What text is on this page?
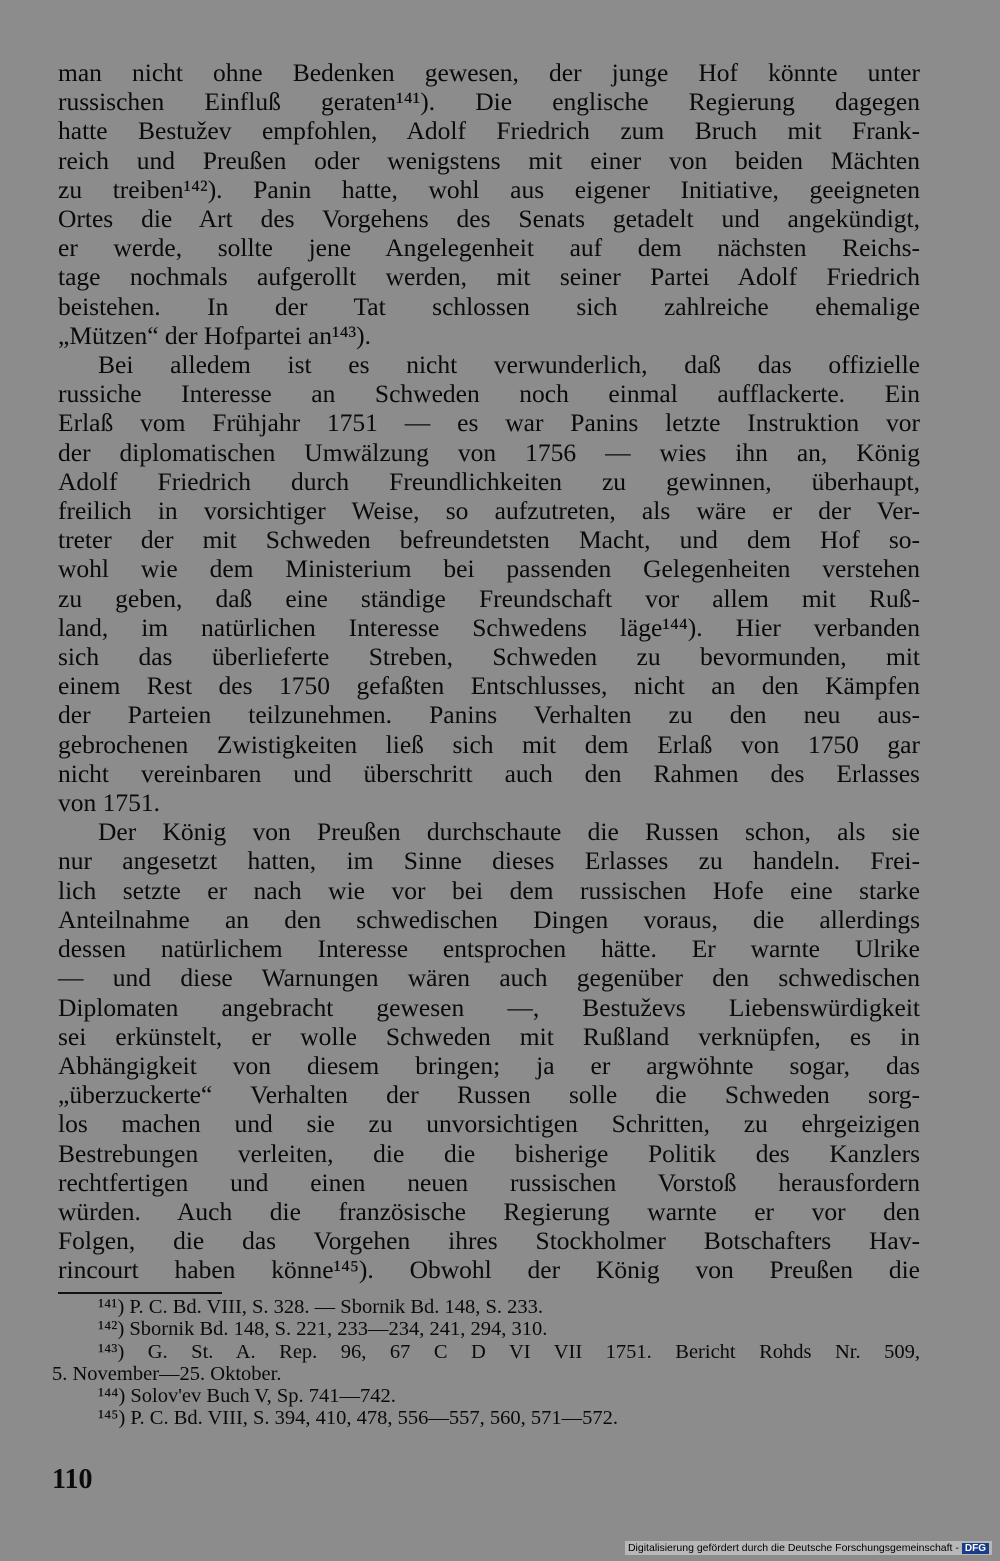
man nicht ohne Bedenken gewesen, der junge Hof könnte unter
russischen Einfluß geraten¹⁴¹). Die englische Regierung dagegen
hatte Bestužev empfohlen, Adolf Friedrich zum Bruch mit Frank-
reich und Preußen oder wenigstens mit einer von beiden Mächten
zu treiben¹⁴²). Panin hatte, wohl aus eigener Initiative, geeigneten
Ortes die Art des Vorgehens des Senats getadelt und angekündigt,
er werde, sollte jene Angelegenheit auf dem nächsten Reichs-
tage nochmals aufgerollt werden, mit seiner Partei Adolf Friedrich
beistehen. In der Tat schlossen sich zahlreiche ehemalige
„Mützen“ der Hofpartei an¹⁴³).
Bei alledem ist es nicht verwunderlich, daß das offizielle
russiche Interesse an Schweden noch einmal aufflackerte. Ein
Erlaß vom Frühjahr 1751 — es war Panins letzte Instruktion vor
der diplomatischen Umwälzung von 1756 — wies ihn an, König
Adolf Friedrich durch Freundlichkeiten zu gewinnen, überhaupt,
freilich in vorsichtiger Weise, so aufzutreten, als wäre er der Ver-
treter der mit Schweden befreundetsten Macht, und dem Hof so-
wohl wie dem Ministerium bei passenden Gelegenheiten verstehen
zu geben, daß eine ständige Freundschaft vor allem mit Ruß-
land, im natürlichen Interesse Schwedens läge¹⁴⁴). Hier verbanden
sich das überlieferte Streben, Schweden zu bevormunden, mit
einem Rest des 1750 gefaßten Entschlusses, nicht an den Kämpfen
der Parteien teilzunehmen. Panins Verhalten zu den neu aus-
gebrochenen Zwistigkeiten ließ sich mit dem Erlaß von 1750 gar
nicht vereinbaren und überschritt auch den Rahmen des Erlasses
von 1751.
Der König von Preußen durchschaute die Russen schon, als sie
nur angesetzt hatten, im Sinne dieses Erlasses zu handeln. Frei-
lich setzte er nach wie vor bei dem russischen Hofe eine starke
Anteilnahme an den schwedischen Dingen voraus, die allerdings
dessen natürlichem Interesse entsprochen hätte. Er warnte Ulrike
— und diese Warnungen wären auch gegenüber den schwedischen
Diplomaten angebracht gewesen —, Bestuževs Liebenswürdigkeit
sei erkünstelt, er wolle Schweden mit Rußland verknüpfen, es in
Abhängigkeit von diesem bringen; ja er argwöhnte sogar, das
„überzuckerte“ Verhalten der Russen solle die Schweden sorg-
los machen und sie zu unvorsichtigen Schritten, zu ehrgeizigen
Bestrebungen verleiten, die die bisherige Politik des Kanzlers
rechtfertigen und einen neuen russischen Vorstoß herausfordern
würden. Auch die französische Regierung warnte er vor den
Folgen, die das Vorgehen ihres Stockholmer Botschafters Hav-
rincourt haben könne¹⁴⁵). Obwohl der König von Preußen die
¹⁴¹) P. C. Bd. VIII, S. 328. — Sbornik Bd. 148, S. 233.
¹⁴²) Sbornik Bd. 148, S. 221, 233—234, 241, 294, 310.
¹⁴³) G. St. A. Rep. 96, 67 C D VI VII 1751. Bericht Rohds Nr. 509,
5. November—25. Oktober.
¹⁴⁴) Solov'ev Buch V, Sp. 741—742.
¹⁴⁵) P. C. Bd. VIII, S. 394, 410, 478, 556—557, 560, 571—572.
110
Digitalisierung gefördert durch die Deutsche Forschungsgemeinschaft - DFG
